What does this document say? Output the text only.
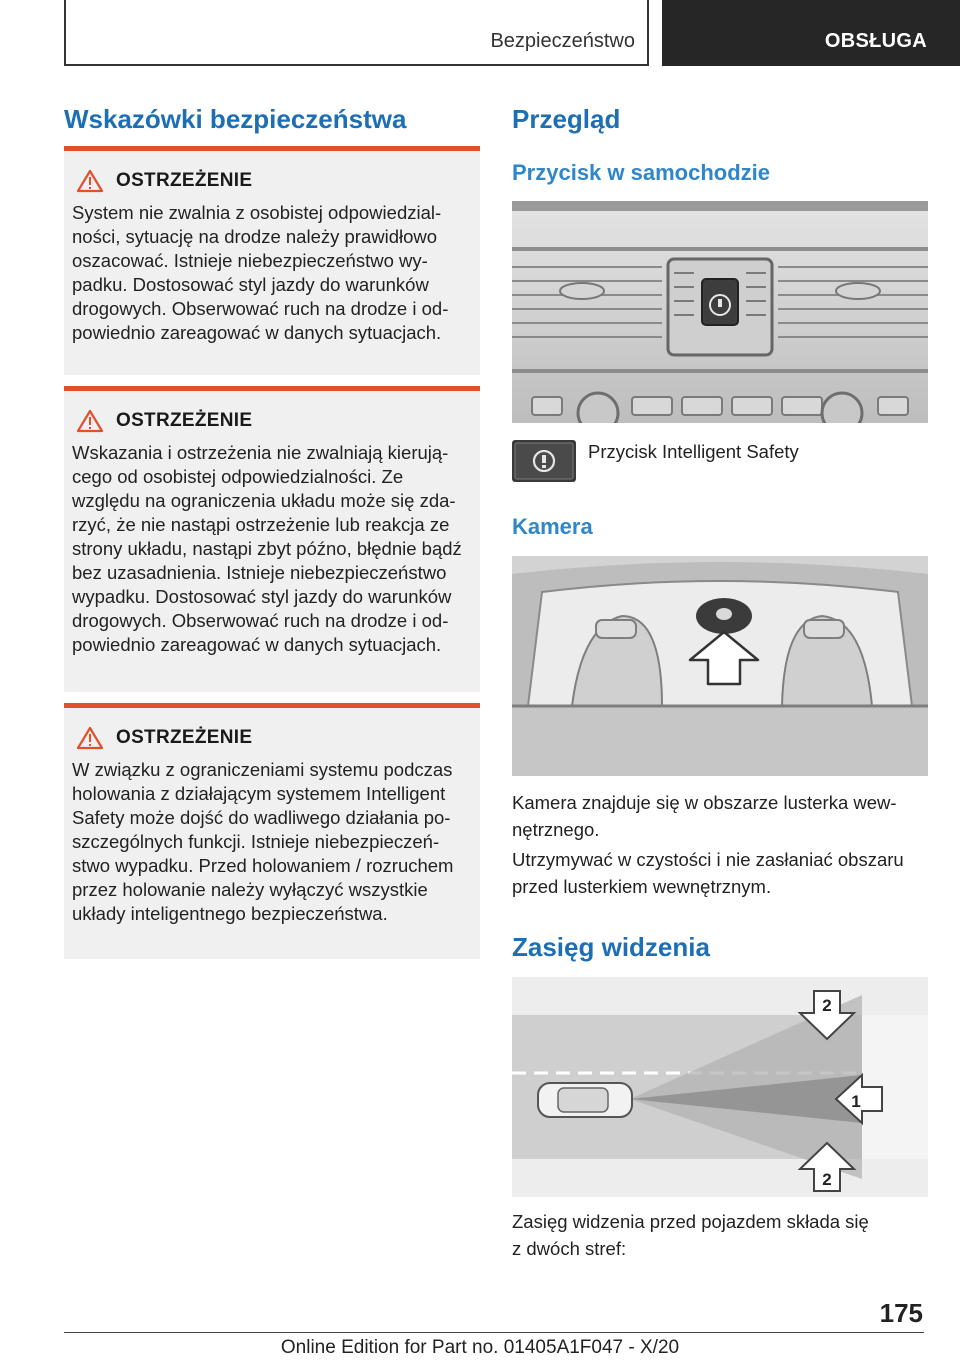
Bezpieczeństwo	OBSŁUGA
Wskazówki bezpieczeństwa
OSTRZEŻENIE
System nie zwalnia z osobistej odpowiedzial-
ności, sytuację na drodze należy prawidłowo
oszacować. Istnieje niebezpieczeństwo wy-
padku. Dostosować styl jazdy do warunków
drogowych. Obserwować ruch na drodze i od-
powiednio zareagować w danych sytuacjach.
OSTRZEŻENIE
Wskazania i ostrzeżenia nie zwalniają kierują-
cego od osobistej odpowiedzialności. Ze
względu na ograniczenia układu może się zda-
rzyć, że nie nastąpi ostrzeżenie lub reakcja ze
strony układu, nastąpi zbyt późno, błędnie bądź
bez uzasadnienia. Istnieje niebezpieczeństwo
wypadku. Dostosować styl jazdy do warunków
drogowych. Obserwować ruch na drodze i od-
powiednio zareagować w danych sytuacjach.
OSTRZEŻENIE
W związku z ograniczeniami systemu podczas
holowania z działającym systemem Intelligent
Safety może dojść do wadliwego działania po-
szczególnych funkcji. Istnieje niebezpieczeń-
stwo wypadku. Przed holowaniem / rozruchem
przez holowanie należy wyłączyć wszystkie
układy inteligentnego bezpieczeństwa.
Przegląd
Przycisk w samochodzie
Przycisk Intelligent Safety
Kamera
Kamera znajduje się w obszarze lusterka wew-
nętrznego.
Utrzymywać w czystości i nie zasłaniać obszaru
przed lusterkiem wewnętrznym.
Zasięg widzenia
2
1
2
Zasięg widzenia przed pojazdem składa się
z dwóch stref:
175
Online Edition for Part no. 01405A1F047 - X/20
